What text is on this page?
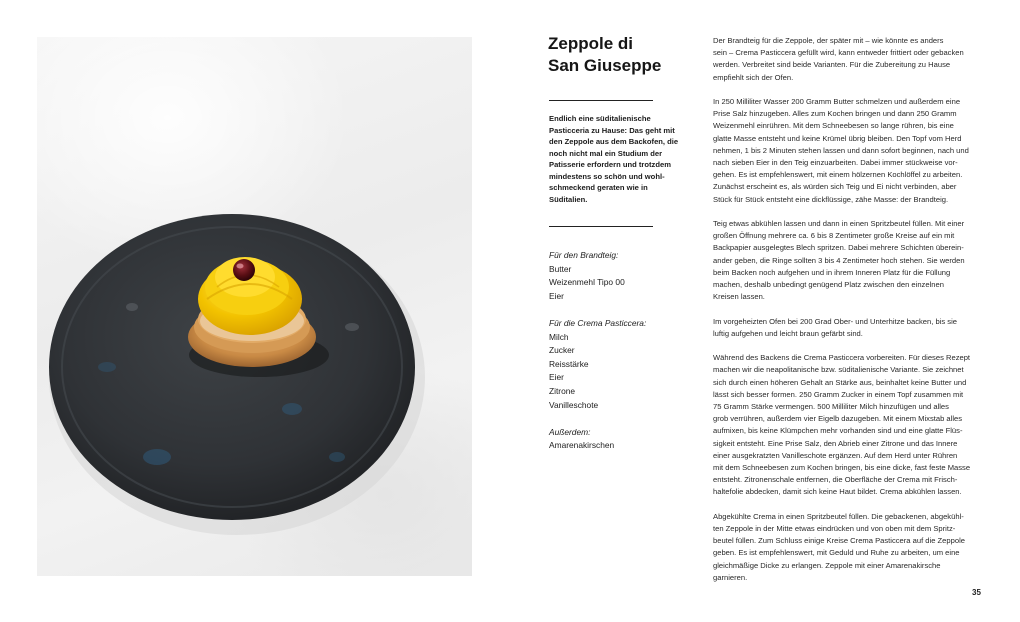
Zeppole di
San Giuseppe

Endlich eine süditalienische
Pasticceria zu Hause: Das geht mit
den Zeppole aus dem Backofen, die
noch nicht mal ein Studium der
Patisserie erfordern und trotzdem
mindestens so schön und wohl-
schmeckend geraten wie in
Süditalien.

Für den Brandteig:
Butter
Weizenmehl Tipo 00
Eier
Für die Crema Pasticcera:
Milch
Zucker
Reisstärke
Eier
Zitrone
Vanilleschote
Außerdem:
Amarenakirschen

Der Brandteig für die Zeppole, der später mit – wie könnte es anders
sein – Crema Pasticcera gefüllt wird, kann entweder frittiert oder gebacken
werden. Verbreitet sind beide Varianten. Für die Zubereitung zu Hause
empfiehlt sich der Ofen.

In 250 Milliliter Wasser 200 Gramm Butter schmelzen und außerdem eine
Prise Salz hinzugeben. Alles zum Kochen bringen und dann 250 Gramm
Weizenmehl einrühren. Mit dem Schneebesen so lange rühren, bis eine
glatte Masse entsteht und keine Krümel übrig bleiben. Den Topf vom Herd
nehmen, 1 bis 2 Minuten stehen lassen und dann sofort beginnen, nach und
nach sieben Eier in den Teig einzuarbeiten. Dabei immer stückweise vor-
gehen. Es ist empfehlenswert, mit einem hölzernen Kochlöffel zu arbeiten.
Zunächst erscheint es, als würden sich Teig und Ei nicht verbinden, aber
Stück für Stück entsteht eine dickflüssige, zähe Masse: der Brandteig.

Teig etwas abkühlen lassen und dann in einen Spritzbeutel füllen. Mit einer
großen Öffnung mehrere ca. 6 bis 8 Zentimeter große Kreise auf ein mit
Backpapier ausgelegtes Blech spritzen. Dabei mehrere Schichten überein-
ander geben, die Ringe sollten 3 bis 4 Zentimeter hoch stehen. Sie werden
beim Backen noch aufgehen und in ihrem Inneren Platz für die Füllung
machen, deshalb unbedingt genügend Platz zwischen den einzelnen
Kreisen lassen.

Im vorgeheizten Ofen bei 200 Grad Ober- und Unterhitze backen, bis sie
luftig aufgehen und leicht braun gefärbt sind.

Während des Backens die Crema Pasticcera vorbereiten. Für dieses Rezept
machen wir die neapolitanische bzw. süditalienische Variante. Sie zeichnet
sich durch einen höheren Gehalt an Stärke aus, beinhaltet keine Butter und
lässt sich besser formen. 250 Gramm Zucker in einem Topf zusammen mit
75 Gramm Stärke vermengen. 500 Milliliter Milch hinzufügen und alles
grob verrühren, außerdem vier Eigelb dazugeben. Mit einem Mixstab alles
aufmixen, bis keine Klümpchen mehr vorhanden sind und eine glatte Flüs-
sigkeit entsteht. Eine Prise Salz, den Abrieb einer Zitrone und das Innere
einer ausgekratzten Vanilleschote ergänzen. Auf dem Herd unter Rühren
mit dem Schneebesen zum Kochen bringen, bis eine dicke, fast feste Masse
entsteht. Zitronenschale entfernen, die Oberfläche der Crema mit Frisch-
haltefolie abdecken, damit sich keine Haut bildet. Crema abkühlen lassen.

Abgekühlte Crema in einen Spritzbeutel füllen. Die gebackenen, abgekühl-
ten Zeppole in der Mitte etwas eindrücken und von oben mit dem Spritz-
beutel füllen. Zum Schluss einige Kreise Crema Pasticcera auf die Zeppole
geben. Es ist empfehlenswert, mit Geduld und Ruhe zu arbeiten, um eine
gleichmäßige Dicke zu erlangen. Zeppole mit einer Amarenakirsche
garnieren.

35
